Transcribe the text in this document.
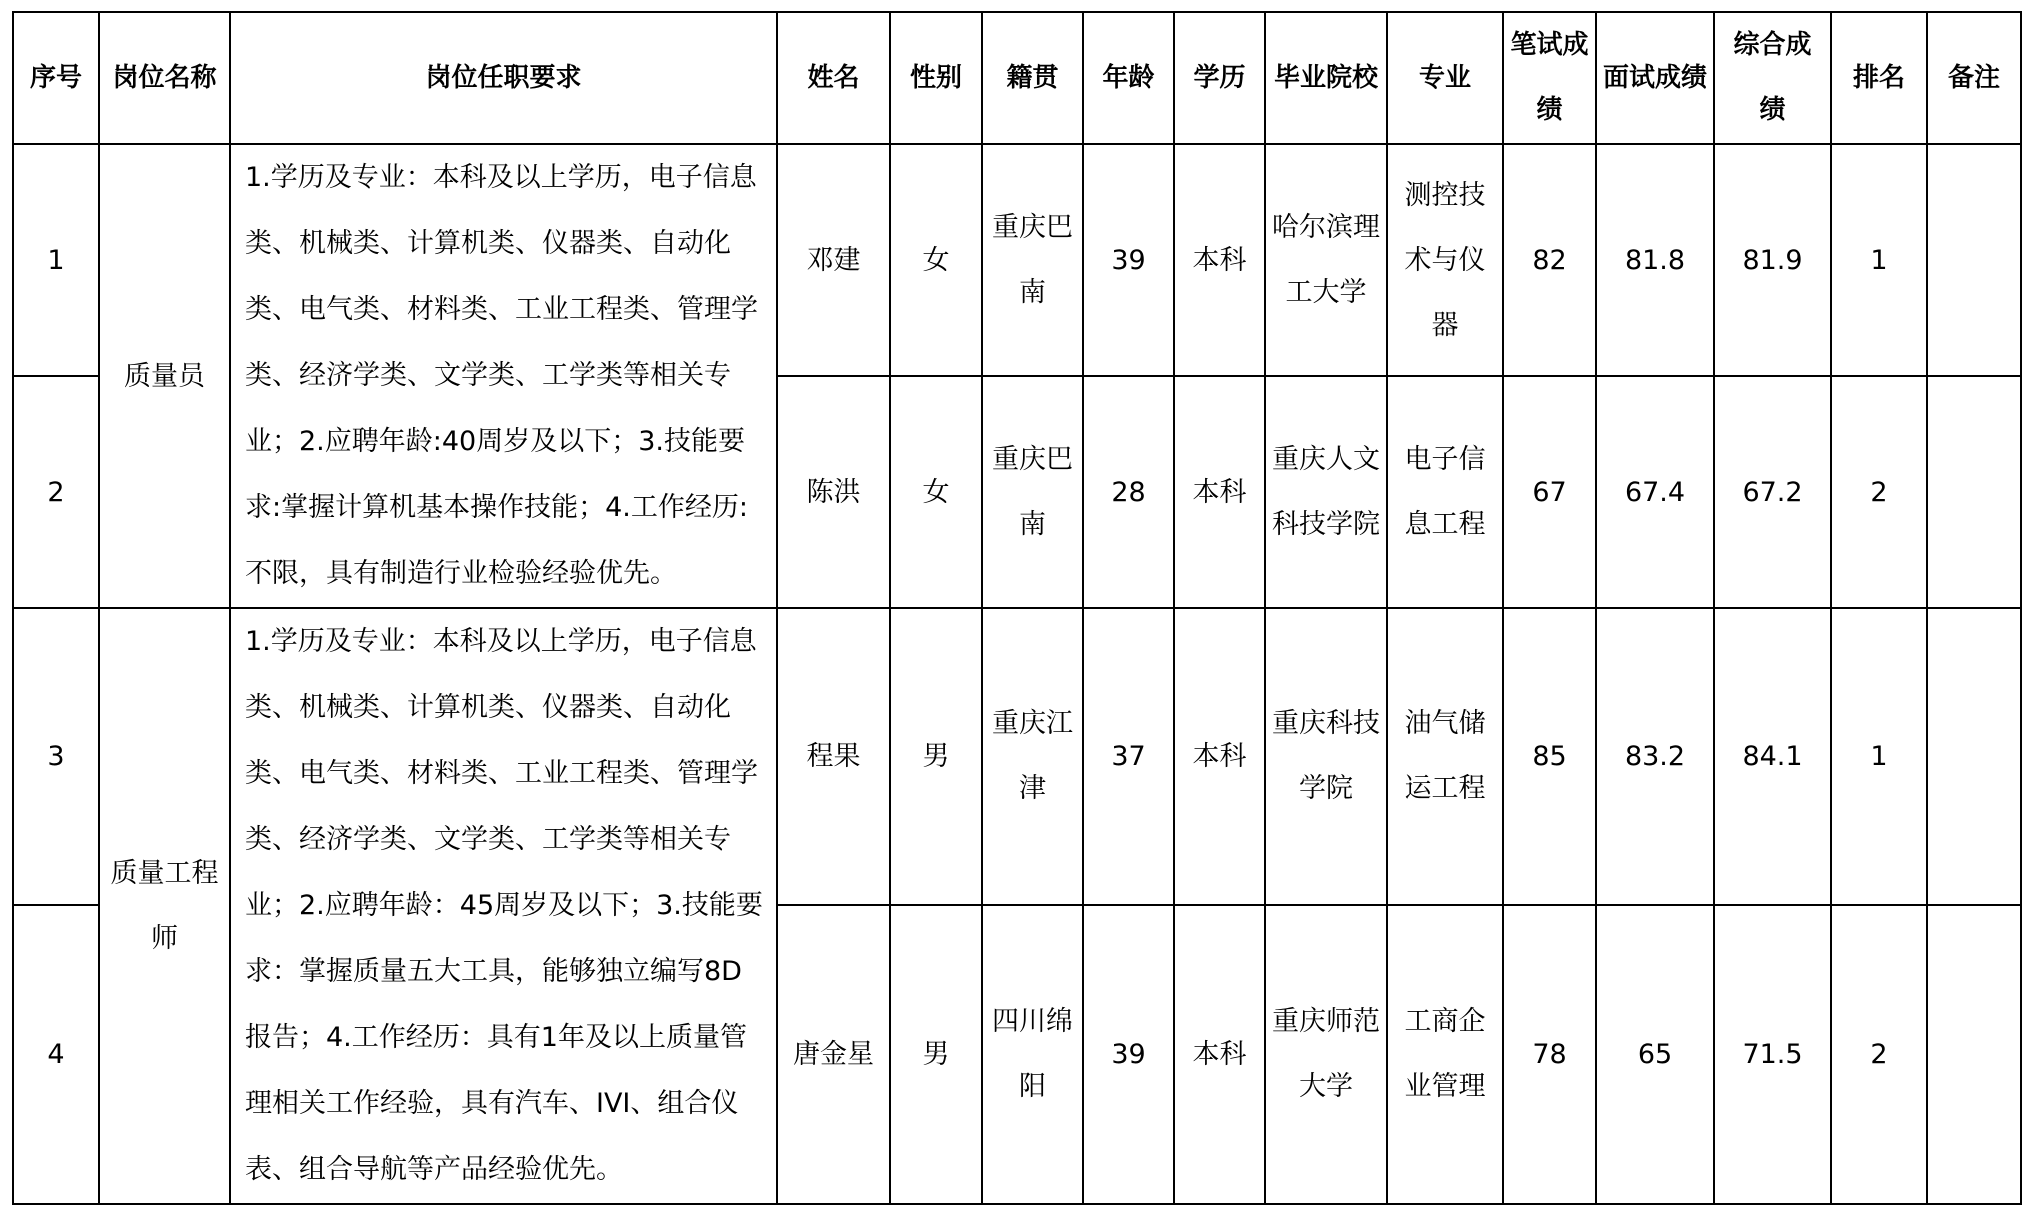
序号	岗位名称	岗位任职要求	姓名	性别	籍贯	年龄	学历	毕业院校	专业	笔试成绩	面试成绩	综合成绩	排名	备注
1	质量员	1.学历及专业：本科及以上学历，电子信息类、机械类、计算机类、仪器类、自动化类、电气类、材料类、工业工程类、管理学类、经济学类、文学类、工学类等相关专业；2.应聘年龄:40周岁及以下；3.技能要求:掌握计算机基本操作技能；4.工作经历:不限，具有制造行业检验经验优先。	邓建	女	重庆巴南	39	本科	哈尔滨理工大学	测控技术与仪器	82	81.8	81.9	1	
2			陈洪	女	重庆巴南	28	本科	重庆人文科技学院	电子信息工程	67	67.4	67.2	2	
3	质量工程师	1.学历及专业：本科及以上学历，电子信息类、机械类、计算机类、仪器类、自动化类、电气类、材料类、工业工程类、管理学类、经济学类、文学类、工学类等相关专业；2.应聘年龄：45周岁及以下；3.技能要求：掌握质量五大工具，能够独立编写8D报告；4.工作经历：具有1年及以上质量管理相关工作经验，具有汽车、IVI、组合仪表、组合导航等产品经验优先。	程果	男	重庆江津	37	本科	重庆科技学院	油气储运工程	85	83.2	84.1	1	
4			唐金星	男	四川绵阳	39	本科	重庆师范大学	工商企业管理	78	65	71.5	2	
